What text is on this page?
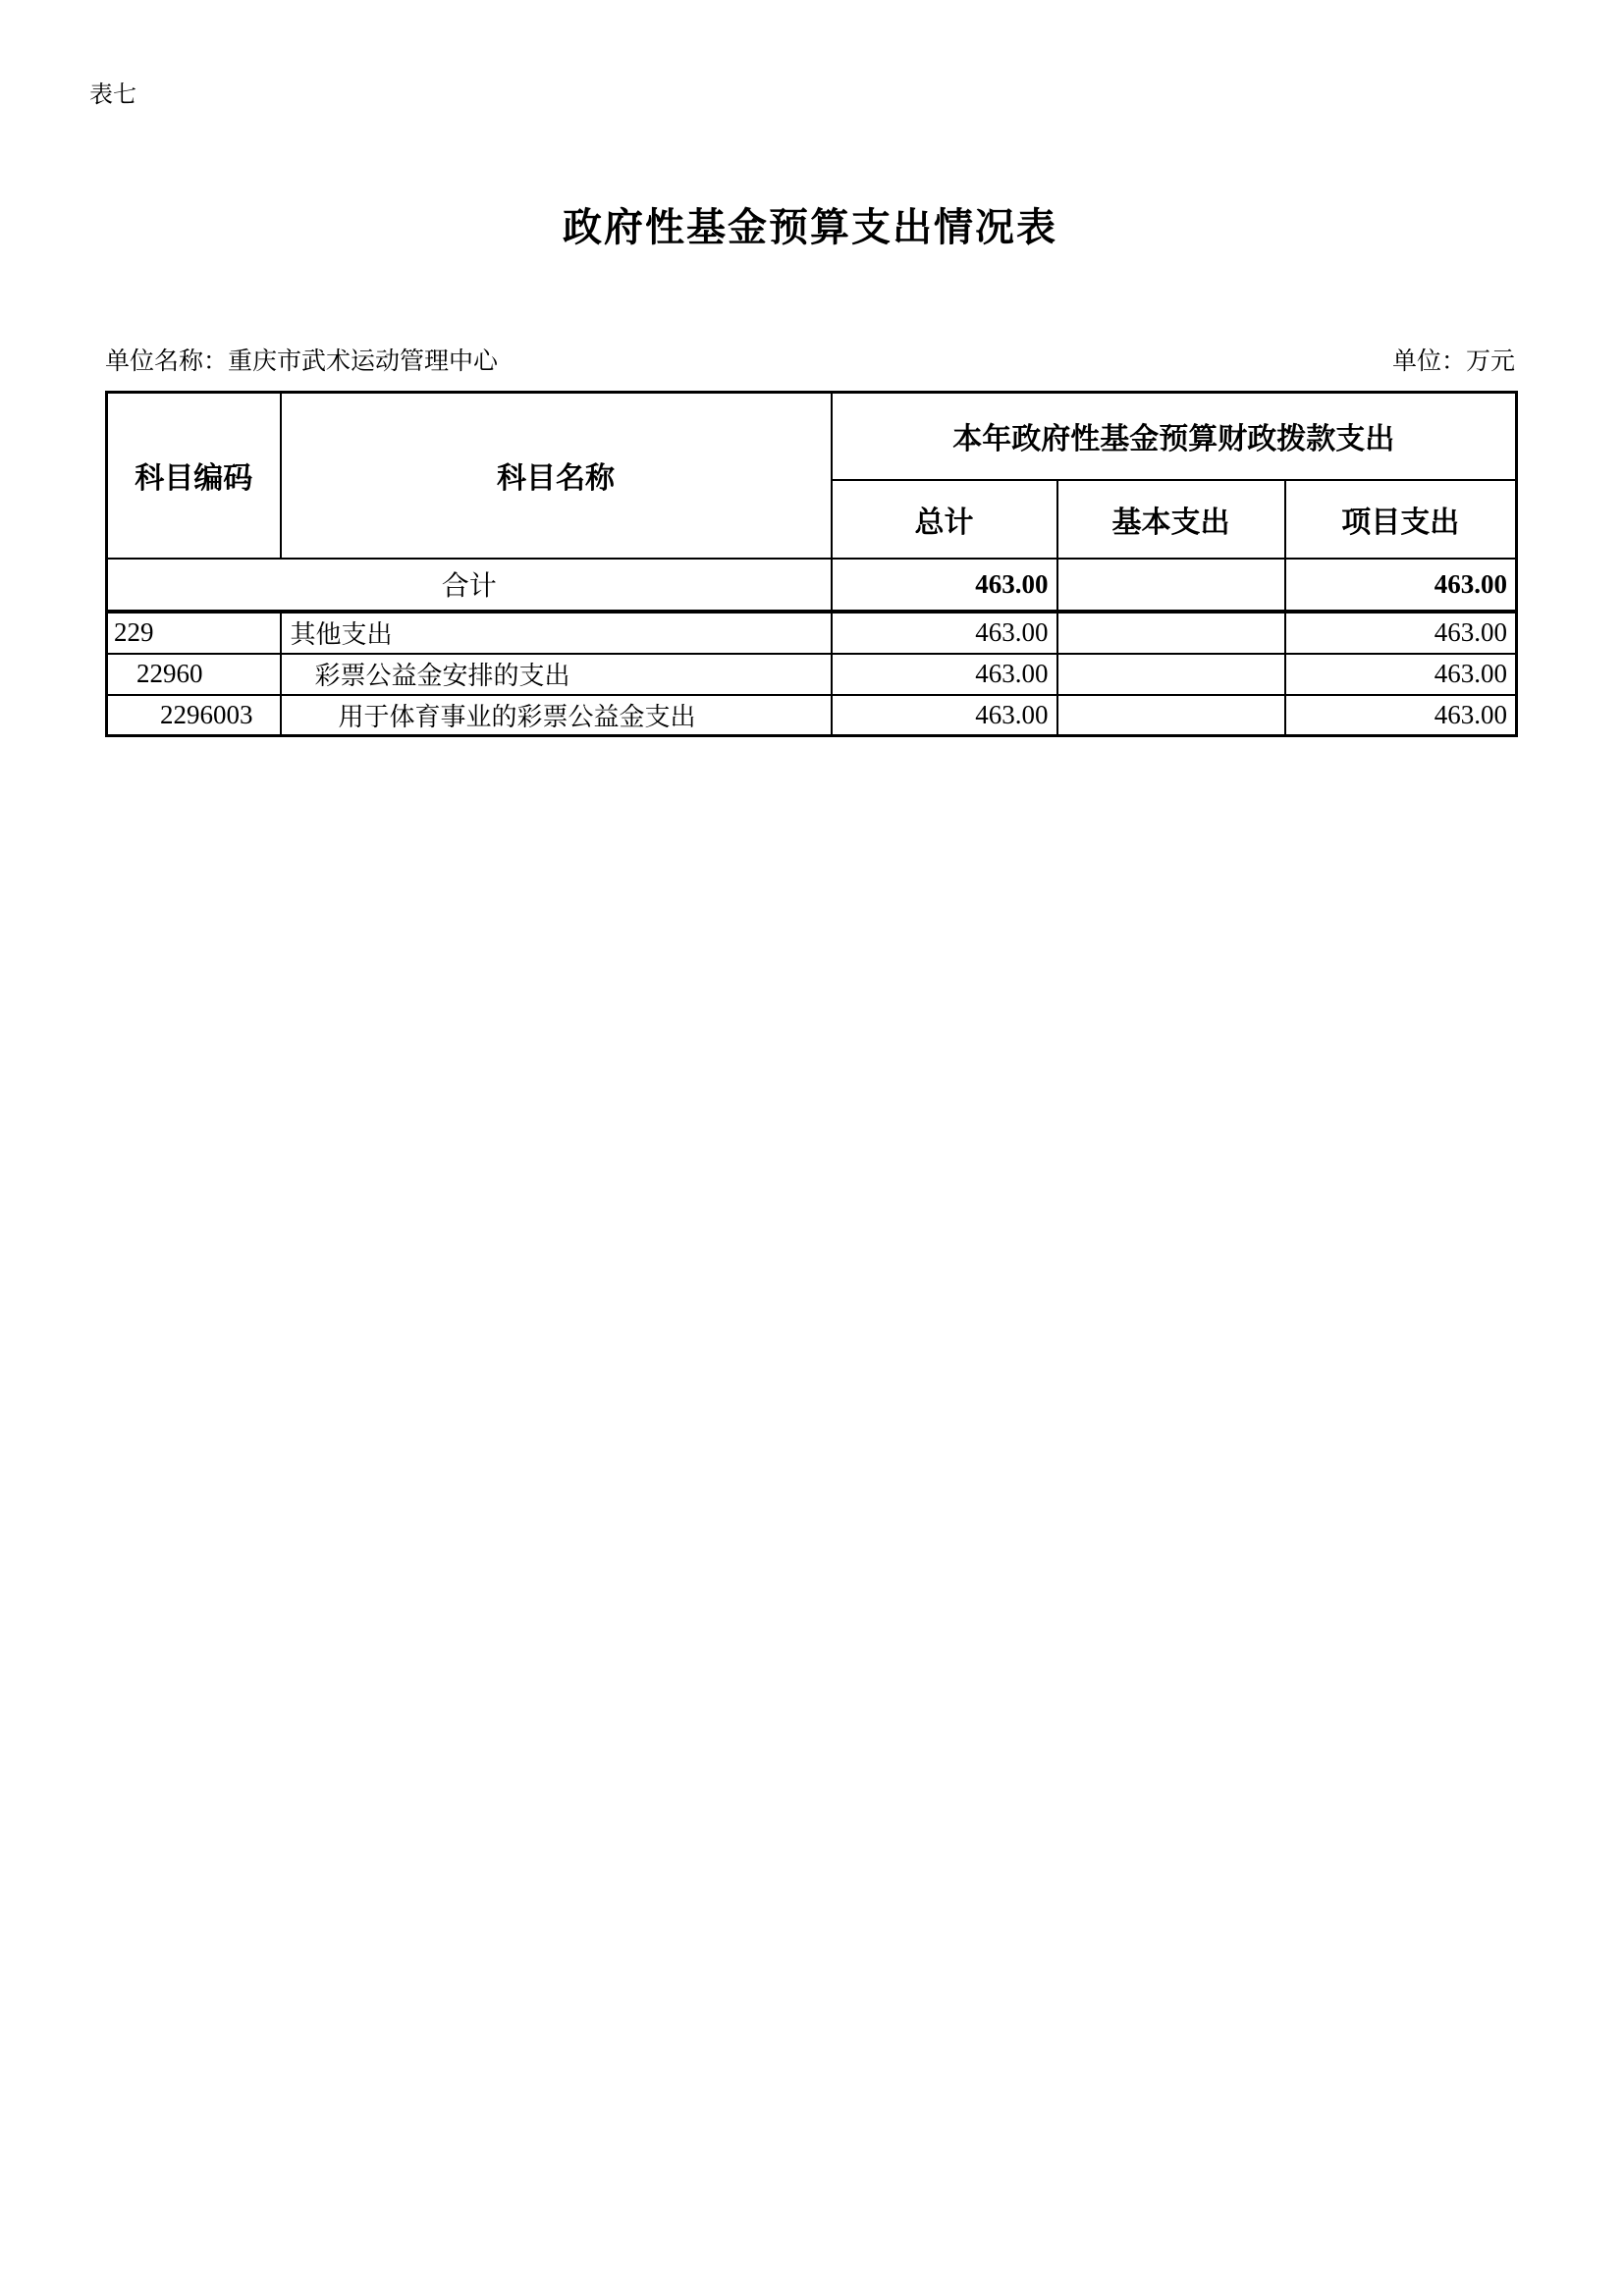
表七
政府性基金预算支出情况表
单位名称：重庆市武术运动管理中心	单位：万元
科目编码	科目名称	本年政府性基金预算财政拨款支出		
		总计	基本支出	项目支出
合计		463.00		463.00
229	其他支出	463.00		463.00
22960	彩票公益金安排的支出	463.00		463.00
2296003	用于体育事业的彩票公益金支出	463.00		463.00
